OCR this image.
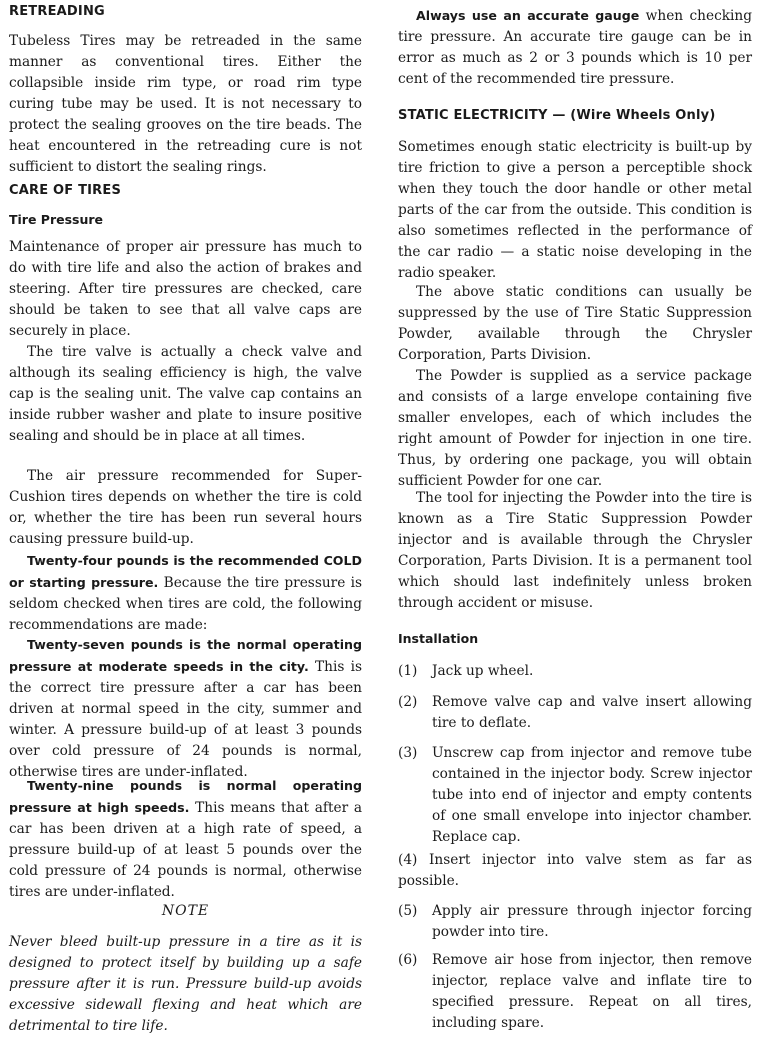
RETREADING

Tubeless Tires may be retreaded in the same manner as conventional tires. Either the collapsible inside rim type, or road rim type curing tube may be used. It is not necessary to protect the sealing grooves on the tire beads. The heat encountered in the retreading cure is not sufficient to distort the sealing rings.

CARE OF TIRES
Tire Pressure

Maintenance of proper air pressure has much to do with tire life and also the action of brakes and steering. After tire pressures are checked, care should be taken to see that all valve caps are securely in place.

The tire valve is actually a check valve and although its sealing efficiency is high, the valve cap is the sealing unit. The valve cap contains an inside rubber washer and plate to insure positive sealing and should be in place at all times.

The air pressure recommended for Super-Cushion tires depends on whether the tire is cold or, whether the tire has been run several hours causing pressure build-up.

Twenty-four pounds is the recommended COLD or starting pressure. Because the tire pressure is seldom checked when tires are cold, the following recommendations are made:

Twenty-seven pounds is the normal operating pressure at moderate speeds in the city. This is the correct tire pressure after a car has been driven at normal speed in the city, summer and winter. A pressure build-up of at least 3 pounds over cold pressure of 24 pounds is normal, otherwise tires are under-inflated.

Twenty-nine pounds is normal operating pressure at high speeds. This means that after a car has been driven at a high rate of speed, a pressure build-up of at least 5 pounds over the cold pressure of 24 pounds is normal, otherwise tires are under-inflated.

NOTE

Never bleed built-up pressure in a tire as it is designed to protect itself by building up a safe pressure after it is run. Pressure build-up avoids excessive sidewall flexing and heat which are detrimental to tire life.

Always use an accurate gauge when checking tire pressure. An accurate tire gauge can be in error as much as 2 or 3 pounds which is 10 per cent of the recommended tire pressure.

STATIC ELECTRICITY — (Wire Wheels Only)

Sometimes enough static electricity is built-up by tire friction to give a person a perceptible shock when they touch the door handle or other metal parts of the car from the outside. This condition is also sometimes reflected in the performance of the car radio — a static noise developing in the radio speaker.

The above static conditions can usually be suppressed by the use of Tire Static Suppression Powder, available through the Chrysler Corporation, Parts Division.

The Powder is supplied as a service package and consists of a large envelope containing five smaller envelopes, each of which includes the right amount of Powder for injection in one tire. Thus, by ordering one package, you will obtain sufficient Powder for one car.

The tool for injecting the Powder into the tire is known as a Tire Static Suppression Powder injector and is available through the Chrysler Corporation, Parts Division. It is a permanent tool which should last indefinitely unless broken through accident or misuse.

Installation
(1)	Jack up wheel.
(2)	Remove valve cap and valve insert allowing tire to deflate.
(3)	Unscrew cap from injector and remove tube contained in the injector body. Screw injector tube into end of injector and empty contents of one small envelope into injector chamber. Replace cap.

(4) Insert injector into valve stem as far as possible.

(5)	Apply air pressure through injector forcing powder into tire.
(6)	Remove air hose from injector, then remove injector, replace valve and inflate tire to specified pressure. Repeat on all tires, including spare.
